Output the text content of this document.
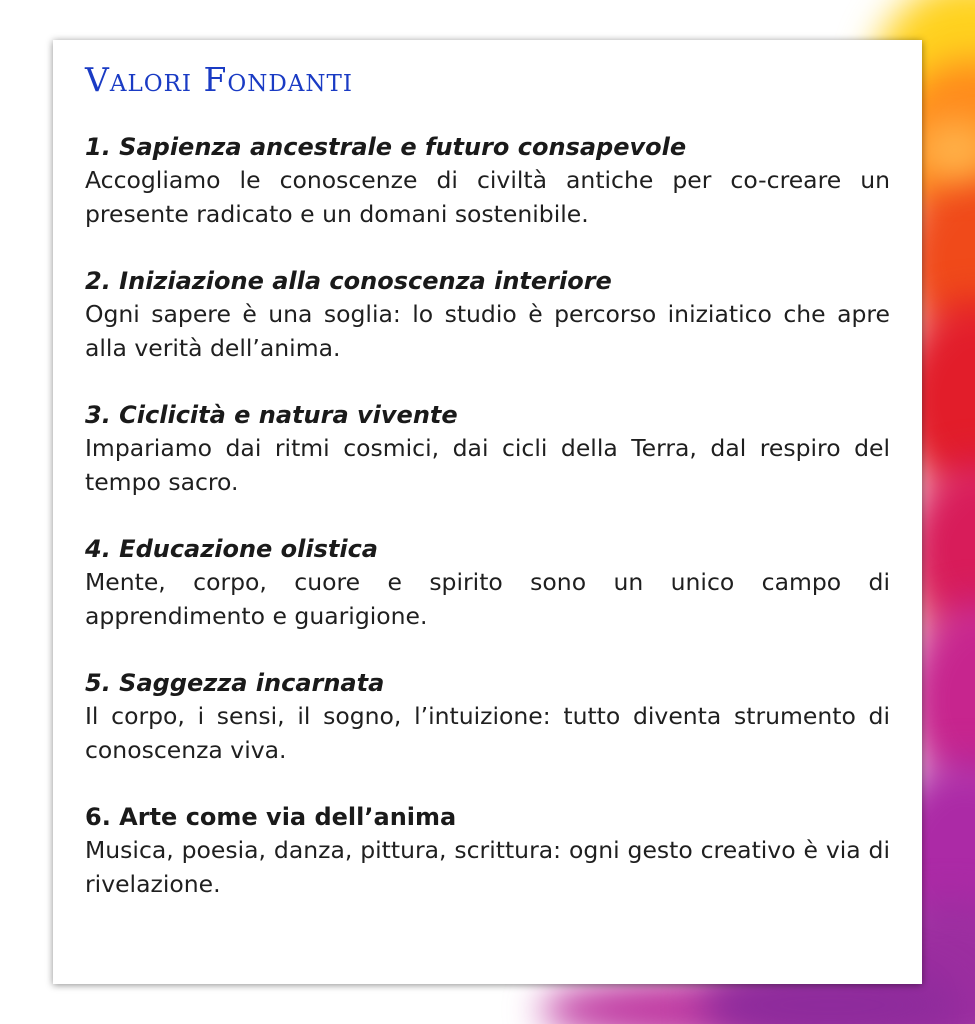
Valori Fondanti
1. Sapienza ancestrale e futuro consapevole

Accogliamo le conoscenze di civiltà antiche per co-creare un presente radicato e un domani sostenibile.

2. Iniziazione alla conoscenza interiore

Ogni sapere è una soglia: lo studio è percorso iniziatico che apre alla verità dell’anima.

3. Ciclicità e natura vivente

Impariamo dai ritmi cosmici, dai cicli della Terra, dal respiro del tempo sacro.

4. Educazione olistica

Mente, corpo, cuore e spirito sono un unico campo di apprendimento e guarigione.

5. Saggezza incarnata

Il corpo, i sensi, il sogno, l’intuizione: tutto diventa strumento di conoscenza viva.

6. Arte come via dell’anima

Musica, poesia, danza, pittura, scrittura: ogni gesto creativo è via di rivelazione.
